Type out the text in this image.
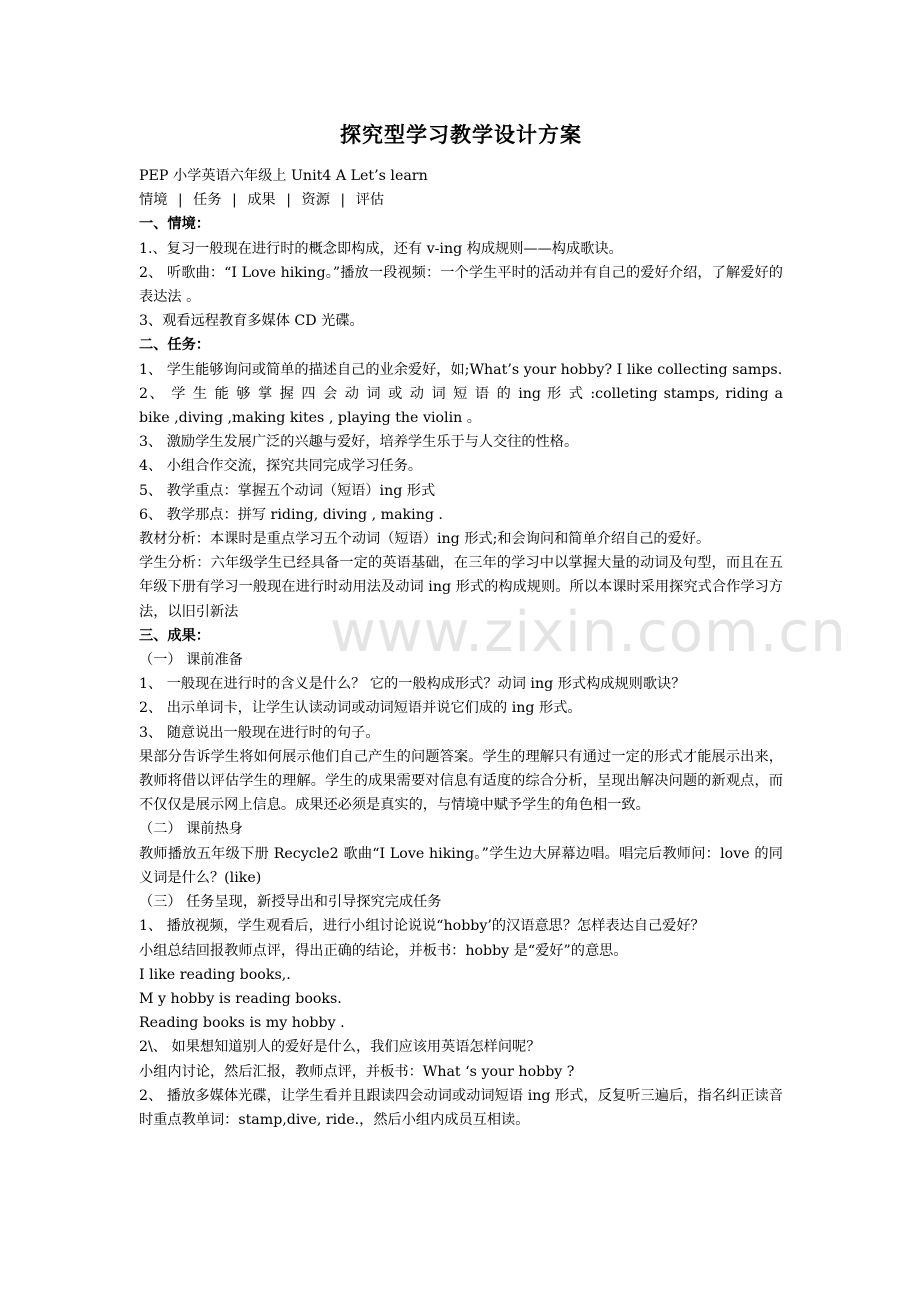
www.zixin.com.cn
探究型学习教学设计方案
PEP 小学英语六年级上 Unit4 A Let’s learn
情境 | 任务 | 成果 | 资源 | 评估
一、情境：
1.、复习一般现在进行时的概念即构成，还有 v-ing 构成规则——构成歌诀。
2、 听歌曲：“I Love hiking。”播放一段视频：一个学生平时的活动并有自己的爱好介绍，了解爱好的表达法 。
3、观看远程教育多媒体 CD 光碟。
二、任务：
1、 学生能够询问或简单的描述自己的业余爱好，如;What’s your hobby? I like collecting samps.
2、 学 生 能 够 掌 握 四 会 动 词 或 动 词 短 语 的 ing 形 式 :colleting stamps, riding a
bike ,diving ,making kites , playing the violin 。
3、 激励学生发展广泛的兴趣与爱好，培养学生乐于与人交往的性格。
4、 小组合作交流，探究共同完成学习任务。
5、 教学重点：掌握五个动词（短语）ing 形式
6、 教学那点：拼写 riding, diving , making .
教材分析：本课时是重点学习五个动词（短语）ing 形式;和会询问和简单介绍自己的爱好。
学生分析：六年级学生已经具备一定的英语基础，在三年的学习中以掌握大量的动词及句型，而且在五年级下册有学习一般现在进行时动用法及动词 ing 形式的构成规则。所以本课时采用探究式合作学习方法，以旧引新法
三、成果：
（一） 课前准备
1、 一般现在进行时的含义是什么？ 它的一般构成形式？动词 ing 形式构成规则歌诀？
2、 出示单词卡，让学生认读动词或动词短语并说它们成的 ing 形式。
3、 随意说出一般现在进行时的句子。
果部分告诉学生将如何展示他们自己产生的问题答案。学生的理解只有通过一定的形式才能展示出来，教师将借以评估学生的理解。学生的成果需要对信息有适度的综合分析，呈现出解决问题的新观点，而不仅仅是展示网上信息。成果还必须是真实的，与情境中赋予学生的角色相一致。
（二） 课前热身
教师播放五年级下册 Recycle2 歌曲“I Love hiking。”学生边大屏幕边唱。唱完后教师问：love 的同义词是什么？(like)
（三） 任务呈现，新授导出和引导探究完成任务
1、 播放视频，学生观看后，进行小组讨论说说“hobby’的汉语意思？怎样表达自己爱好？
小组总结回报教师点评，得出正确的结论，并板书：hobby 是“爱好”的意思。
I like reading books,.
M y hobby is reading books.
Reading books is my hobby .
2\、 如果想知道别人的爱好是什么，我们应该用英语怎样问呢？
小组内讨论，然后汇报，教师点评，并板书：What ‘s your hobby ?
2、 播放多媒体光碟，让学生看并且跟读四会动词或动词短语 ing 形式，反复听三遍后，指名纠正读音时重点教单词：stamp,dive, ride.，然后小组内成员互相读。
